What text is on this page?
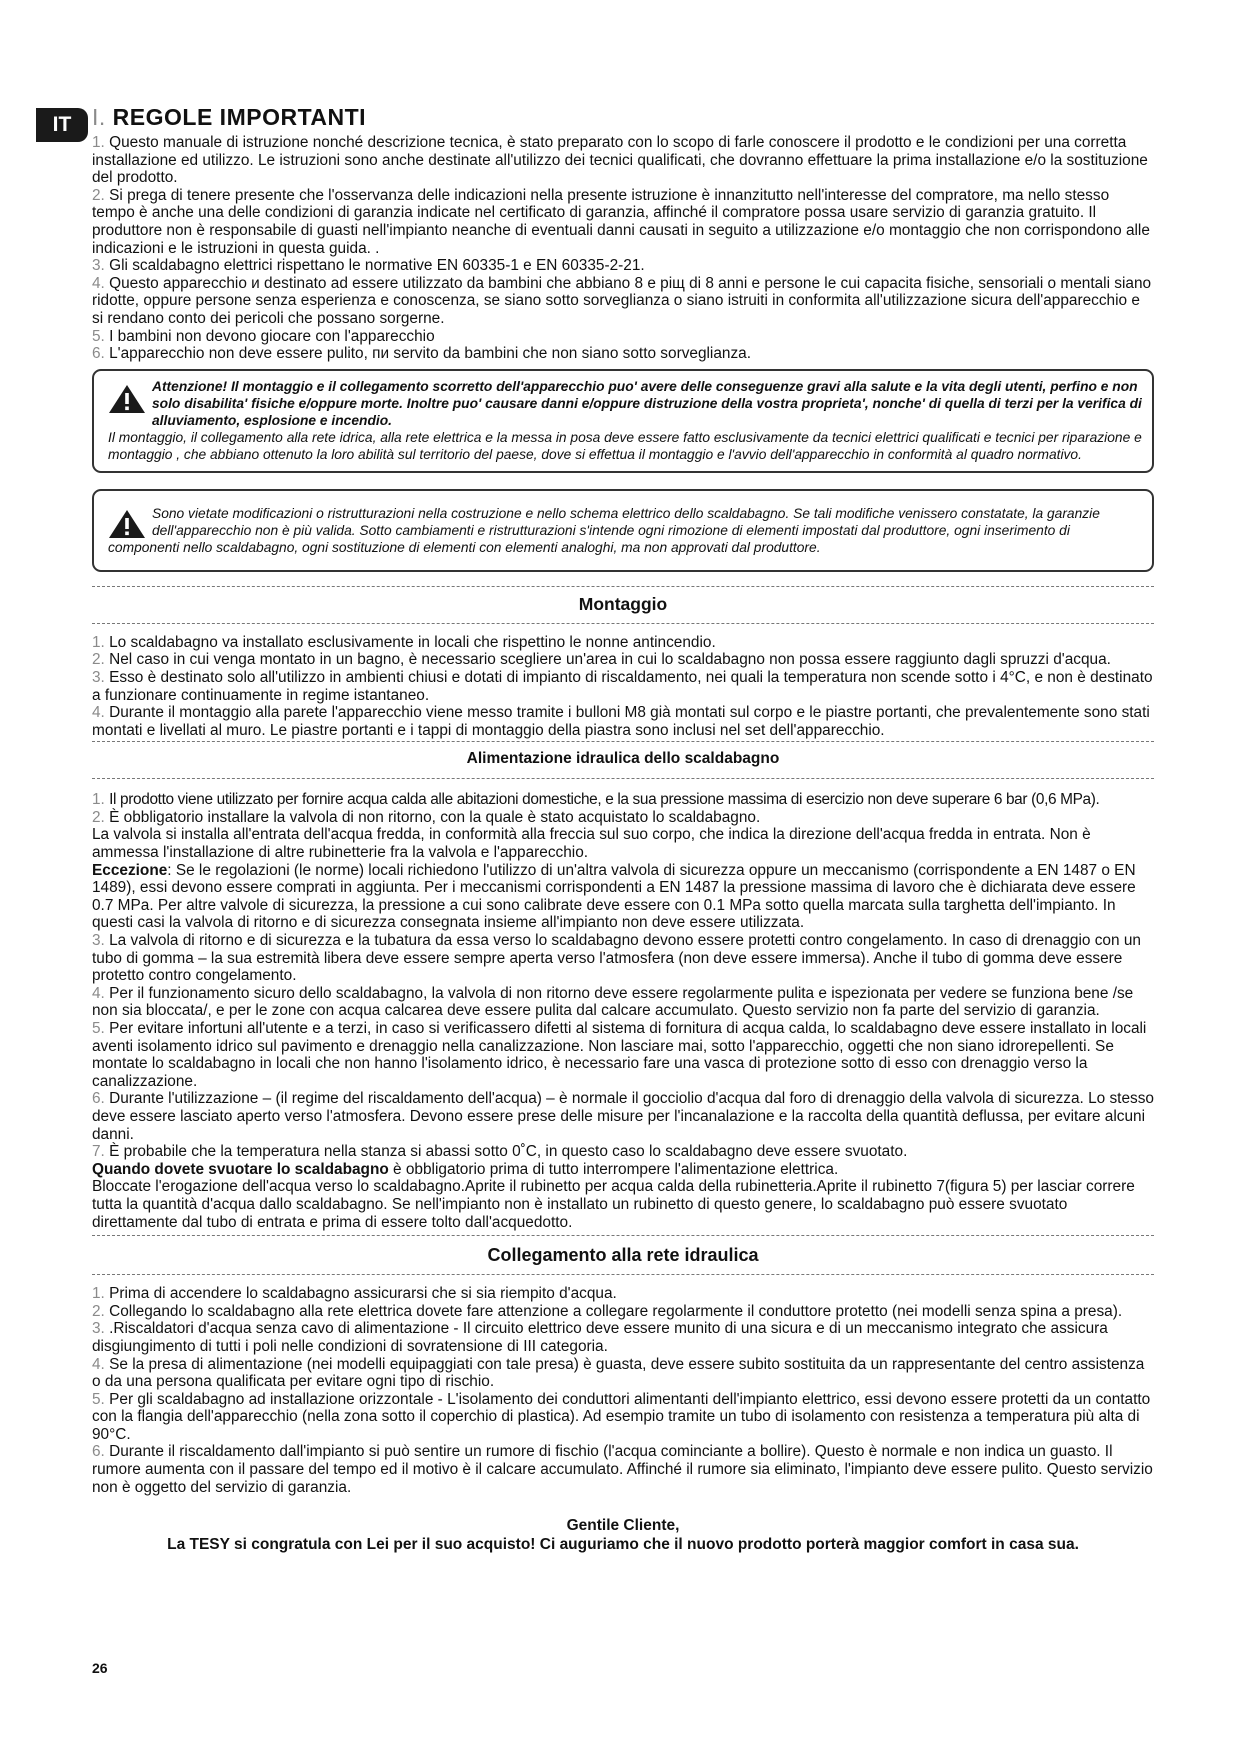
IT I. REGOLE IMPORTANTI

1. Questo manuale di istruzione nonché descrizione tecnica, è stato preparato con lo scopo di farle conoscere il prodotto e le condizioni per una corretta installazione ed utilizzo. Le istruzioni sono anche destinate all'utilizzo dei tecnici qualificati, che dovranno effettuare la prima installazione e/o la sostituzione del prodotto.

2. Si prega di tenere presente che l'osservanza delle indicazioni nella presente istruzione è innanzitutto nell'interesse del compratore, ma nello stesso tempo è anche una delle condizioni di garanzia indicate nel certificato di garanzia, affinché il compratore possa usare servizio di garanzia gratuito. Il produttore non è responsabile di guasti nell'impianto neanche di eventuali danni causati in seguito a utilizzazione e/o montaggio che non corrispondono alle indicazioni e le istruzioni in questa guida. .

3. Gli scaldabagno elettrici rispettano le normative EN 60335-1 e EN 60335-2-21.

4. Questo apparecchio и destinato ad essere utilizzato da bambini che abbiano 8 e рiщ di 8 anni e persone le cui capacita fisiche, sensoriali o mentali siano ridotte, oppure persone senza esperienza e conoscenza, se siano sotto sorveglianza o siano istruiti in conformita all'utilizzazione sicura dell'apparecchio e si rendano conto dei pericoli che possano sorgerne.

5. I bambini non devono giocare con l'apparecchio

6. L'apparecchio non deve essere pulito, пи servito da bambini che non siano sotto sorveglianza.

Attenzione! Il montaggio e il collegamento scorretto dell'apparecchio puo' avere delle conseguenze gravi alla salute e la vita degli utenti, perfino e non solo disabilita' fisiche e/oppure morte. Inoltre puo' causare danni e/oppure distruzione della vostra proprieta', nonche' di quella di terzi per la verifica di alluviamento, esplosione e incendio.
Il montaggio, il collegamento alla rete idrica, alla rete elettrica e la messa in posa deve essere fatto esclusivamente da tecnici elettrici qualificati e tecnici per riparazione e montaggio , che abbiano ottenuto la loro abilità sul territorio del paese, dove si effettua il montaggio e l'avvio dell'apparecchio in conformità al quadro normativo.
Sono vietate modificazioni o ristrutturazioni nella costruzione e nello schema elettrico dello scaldabagno. Se tali modifiche venissero constatate, la garanzie dell'apparecchio non è più valida. Sotto cambiamenti e ristrutturazioni s'intende ogni rimozione di elementi impostati dal produttore, ogni inserimento di componenti nello scaldabagno, ogni sostituzione di elementi con elementi analoghi, ma non approvati dal produttore.
Montaggio

1. Lo scaldabagno va installato esclusivamente in locali che rispettino le nonne antincendio.

2. Nel caso in cui venga montato in un bagno, è necessario scegliere un'area in cui lo scaldabagno non possa essere raggiunto dagli spruzzi d'acqua.

3. Esso è destinato solo all'utilizzo in ambienti chiusi e dotati di impianto di riscaldamento, nei quali la temperatura non scende sotto i 4°C, e non è destinato a funzionare continuamente in regime istantaneo.

4. Durante il montaggio alla parete l'apparecchio viene messo tramite i bulloni M8 già montati sul corpo e le piastre portanti, che prevalentemente sono stati montati e livellati al muro. Le piastre portanti e i tappi di montaggio della piastra sono inclusi nel set dell'apparecchio.

Alimentazione idraulica dello scaldabagno

1. Il prodotto viene utilizzato per fornire acqua calda alle abitazioni domestiche, e la sua pressione massima di esercizio non deve superare 6 bar (0,6 MPa).

2. È obbligatorio installare la valvola di non ritorno, con la quale è stato acquistato lo scaldabagno.

La valvola si installa all'entrata dell'acqua fredda, in conformità alla freccia sul suo corpo, che indica la direzione dell'acqua fredda in entrata. Non è ammessa l'installazione di altre rubinetterie fra la valvola e l'apparecchio.

Eccezione: Se le regolazioni (le norme) locali richiedono l'utilizzo di un'altra valvola di sicurezza oppure un meccanismo (corrispondente a EN 1487 o EN 1489), essi devono essere comprati in aggiunta. Per i meccanismi corrispondenti a EN 1487 la pressione massima di lavoro che è dichiarata deve essere 0.7 MPa. Per altre valvole di sicurezza, la pressione a cui sono calibrate deve essere con 0.1 MPa sotto quella marcata sulla targhetta dell'impianto. In questi casi la valvola di ritorno e di sicurezza consegnata insieme all'impianto non deve essere utilizzata.

3. La valvola di ritorno e di sicurezza e la tubatura da essa verso lo scaldabagno devono essere protetti contro congelamento. In caso di drenaggio con un tubo di gomma – la sua estremità libera deve essere sempre aperta verso l'atmosfera (non deve essere immersa). Anche il tubo di gomma deve essere protetto contro congelamento.

4. Per il funzionamento sicuro dello scaldabagno, la valvola di non ritorno deve essere regolarmente pulita e ispezionata per vedere se funziona bene /se non sia bloccata/, e per le zone con acqua calcarea deve essere pulita dal calcare accumulato. Questo servizio non fa parte del servizio di garanzia.

5. Per evitare infortuni all'utente e a terzi, in caso si verificassero difetti al sistema di fornitura di acqua calda, lo scaldabagno deve essere installato in locali aventi isolamento idrico sul pavimento e drenaggio nella canalizzazione. Non lasciare mai, sotto l'apparecchio, oggetti che non siano idrorepellenti. Se montate lo scaldabagno in locali che non hanno l'isolamento idrico, è necessario fare una vasca di protezione sotto di esso con drenaggio verso la canalizzazione.

6. Durante l'utilizzazione – (il regime del riscaldamento dell'acqua) – è normale il gocciolio d'acqua dal foro di drenaggio della valvola di sicurezza. Lo stesso deve essere lasciato aperto verso l'atmosfera. Devono essere prese delle misure per l'incanalazione e la raccolta della quantità deflussa, per evitare alcuni danni.

7. È probabile che la temperatura nella stanza si abassi sotto 0˚C, in questo caso lo scaldabagno deve essere svuotato.

Quando dovete svuotare lo scaldabagno è obbligatorio prima di tutto interrompere l'alimentazione elettrica.

Bloccate l'erogazione dell'acqua verso lo scaldabagno.Aprite il rubinetto per acqua calda della rubinetteria.Aprite il rubinetto 7(figura 5) per lasciar correre tutta la quantità d'acqua dallo scaldabagno. Se nell'impianto non è installato un rubinetto di questo genere, lo scaldabagno può essere svuotato direttamente dal tubo di entrata e prima di essere tolto dall'acquedotto.

Collegamento alla rete idraulica

1. Prima di accendere lo scaldabagno assicurarsi che si sia riempito d'acqua.

2. Collegando lo scaldabagno alla rete elettrica dovete fare attenzione a collegare regolarmente il conduttore protetto (nei modelli senza spina a presa).

3. .Riscaldatori d'acqua senza cavo di alimentazione - Il circuito elettrico deve essere munito di una sicura e di un meccanismo integrato che assicura disgiungimento di tutti i poli nelle condizioni di sovratensione di III categoria.

4. Se la presa di alimentazione (nei modelli equipaggiati con tale presa) è guasta, deve essere subito sostituita da un rappresentante del centro assistenza o da una persona qualificata per evitare ogni tipo di rischio.

5. Per gli scaldabagno ad installazione orizzontale - L'isolamento dei conduttori alimentanti dell'impianto elettrico, essi devono essere protetti da un contatto con la flangia dell'apparecchio (nella zona sotto il coperchio di plastica). Ad esempio tramite un tubo di isolamento con resistenza a temperatura più alta di 90°C.

6. Durante il riscaldamento dall'impianto si può sentire un rumore di fischio (l'acqua cominciante a bollire). Questo è normale e non indica un guasto. Il rumore aumenta con il passare del tempo ed il motivo è il calcare accumulato. Affinché il rumore sia eliminato, l'impianto deve essere pulito. Questo servizio non è oggetto del servizio di garanzia.

Gentile Cliente,
La TESY si congratula con Lei per il suo acquisto! Ci auguriamo che il nuovo prodotto porterà maggior comfort in casa sua.
26
